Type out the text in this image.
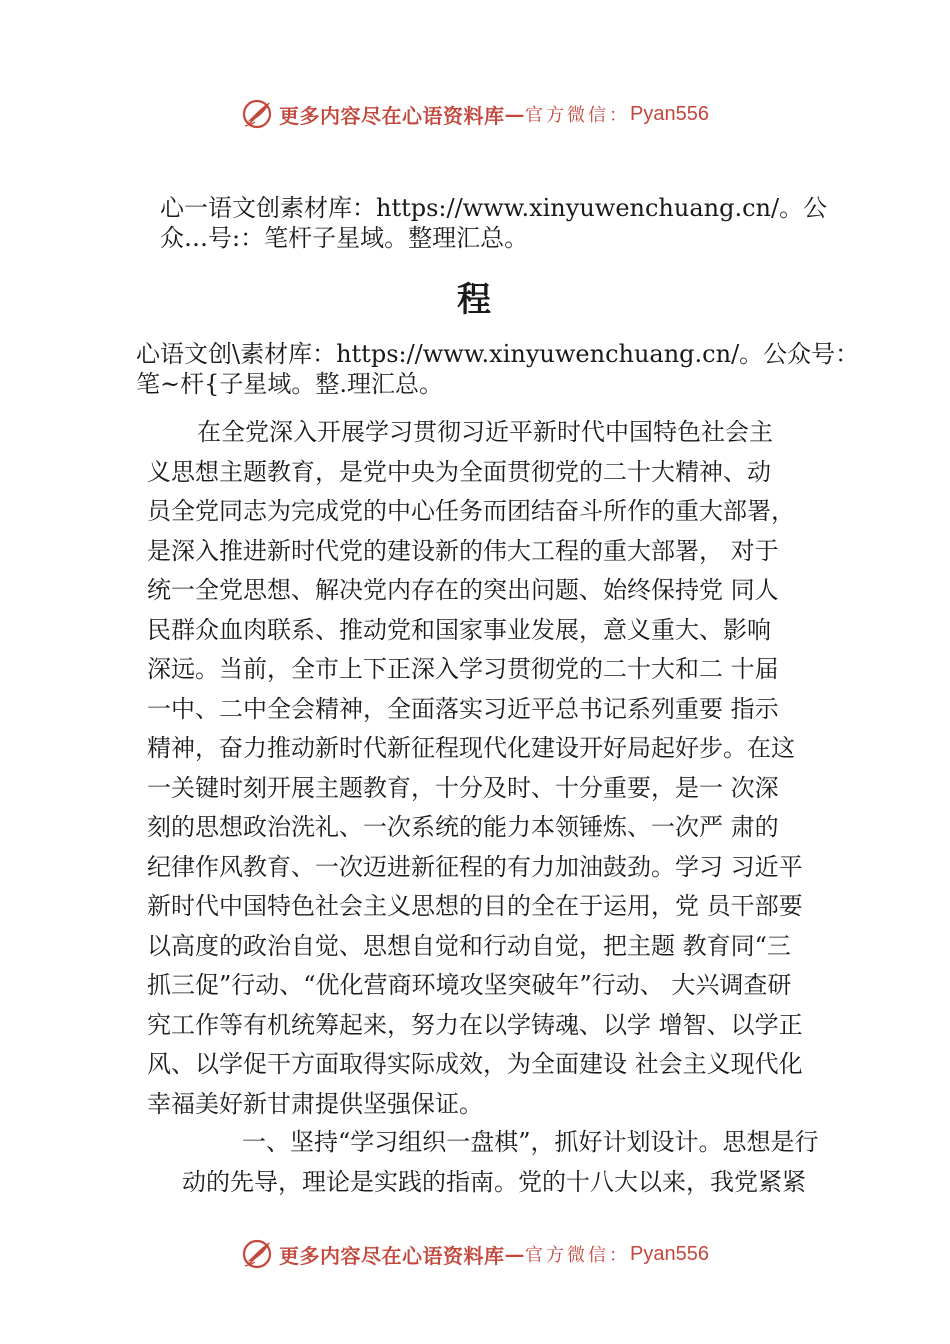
更多内容尽在心语资料库 — 官方微信： Pyan556
心一语文创素材库：https://www.xinyuwenchuang.cn/。公
众…号:：笔杆子星域。整理汇总。
程
心语文创\素材库：https://www.xinyuwenchuang.cn/。公众号：
笔~杆{子星域。整.理汇总。
在全党深入开展学习贯彻习近平新时代中国特色社会主
义思想主题教育，是党中央为全面贯彻党的二十大精神、动
员全党同志为完成党的中心任务而团结奋斗所作的重大部署，
是深入推进新时代党的建设新的伟大工程的重大部署， 对于
统一全党思想、解决党内存在的突出问题、始终保持党 同人
民群众血肉联系、推动党和国家事业发展，意义重大、影响
深远。当前，全市上下正深入学习贯彻党的二十大和二 十届
一中、二中全会精神，全面落实习近平总书记系列重要 指示
精神，奋力推动新时代新征程现代化建设开好局起好步。在这
一关键时刻开展主题教育，十分及时、十分重要，是一 次深
刻的思想政治洗礼、一次系统的能力本领锤炼、一次严 肃的
纪律作风教育、一次迈进新征程的有力加油鼓劲。学习 习近平
新时代中国特色社会主义思想的目的全在于运用，党 员干部要
以高度的政治自觉、思想自觉和行动自觉，把主题 教育同“三
抓三促”行动、“优化营商环境攻坚突破年”行动、 大兴调查研
究工作等有机统筹起来，努力在以学铸魂、以学 增智、以学正
风、以学促干方面取得实际成效，为全面建设 社会主义现代化
幸福美好新甘肃提供坚强保证。
一、坚持“学习组织一盘棋”，抓好计划设计。思想是行
动的先导，理论是实践的指南。党的十八大以来，我党紧紧
更多内容尽在心语资料库 — 官方微信： Pyan556
